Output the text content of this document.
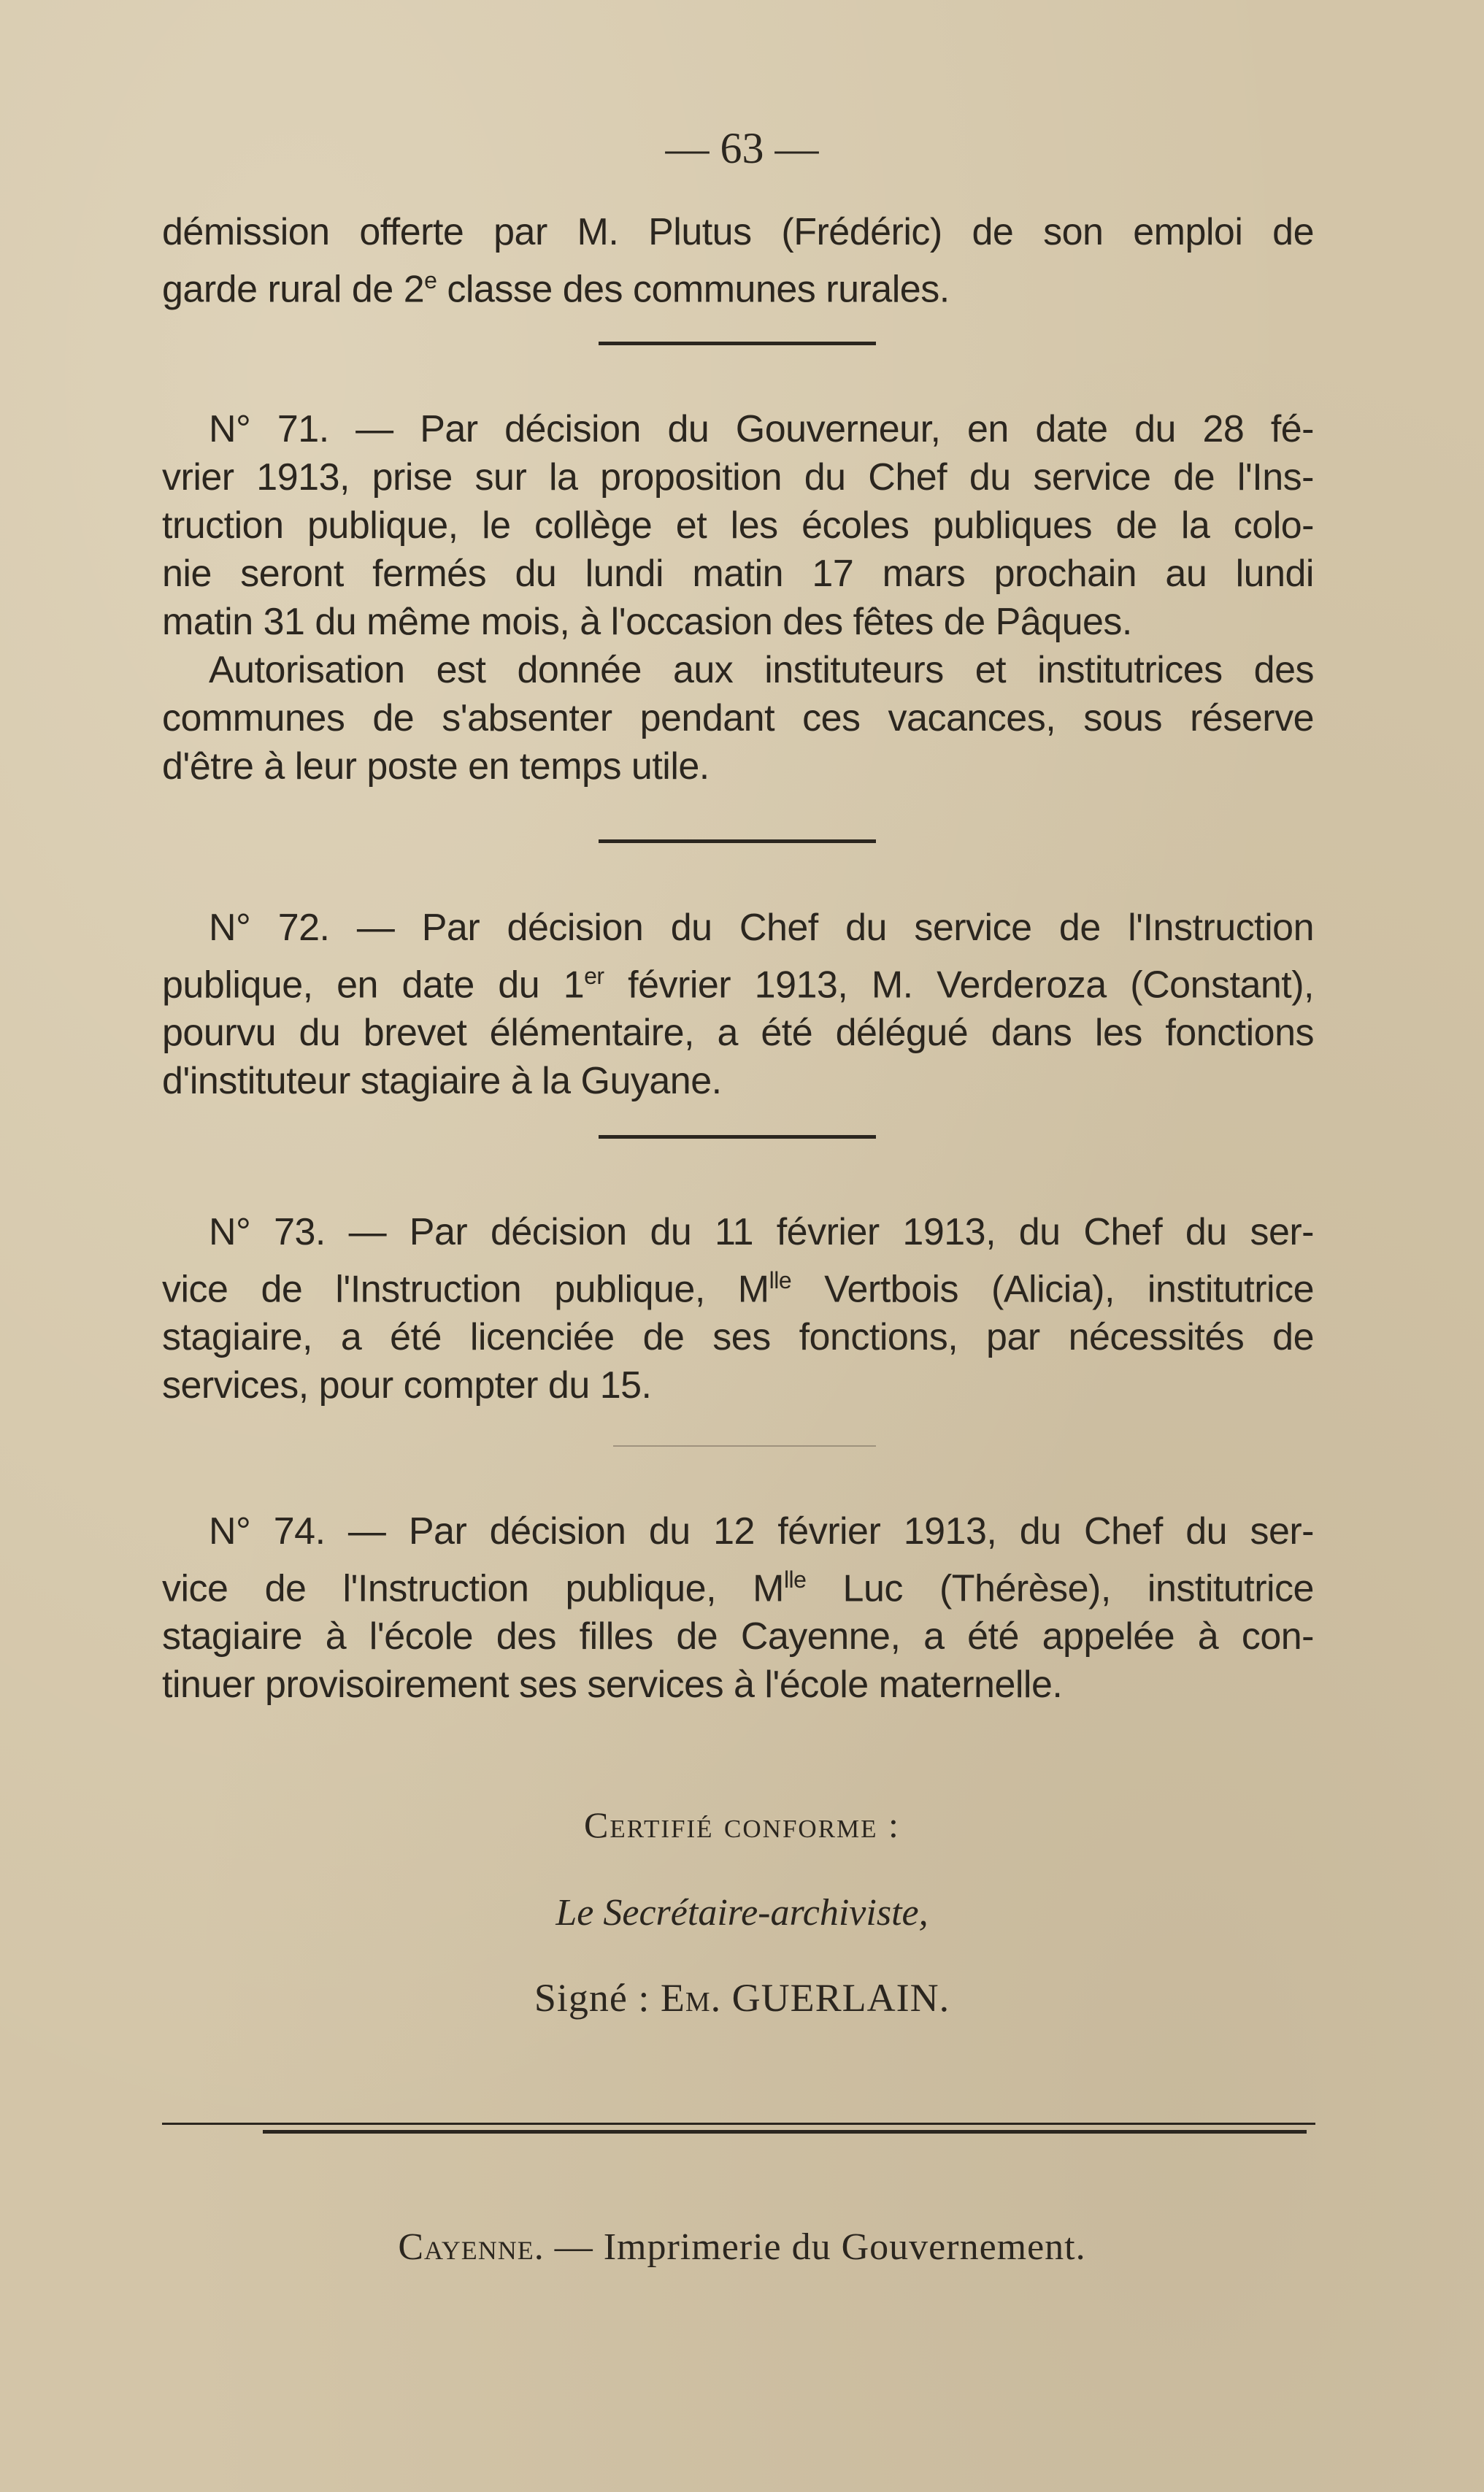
— 63 —

démission offerte par M. Plutus (Frédéric) de son emploi de

garde rural de 2e classe des communes rurales.

N° 71. — Par décision du Gouverneur, en date du 28 fé-

vrier 1913, prise sur la proposition du Chef du service de l'Ins-

truction publique, le collège et les écoles publiques de la colo-

nie seront fermés du lundi matin 17 mars prochain au lundi

matin 31 du même mois, à l'occasion des fêtes de Pâques.

Autorisation est donnée aux instituteurs et institutrices des

communes de s'absenter pendant ces vacances, sous réserve

d'être à leur poste en temps utile.

N° 72. — Par décision du Chef du service de l'Instruction

publique, en date du 1er février 1913, M. Verderoza (Constant),

pourvu du brevet élémentaire, a été délégué dans les fonctions

d'instituteur stagiaire à la Guyane.

N° 73. — Par décision du 11 février 1913, du Chef du ser-

vice de l'Instruction publique, $M^{lle}$ Vertbois (Alicia), institutrice

stagiaire, a été licenciée de ses fonctions, par nécessités de

services, pour compter du 15.

N° 74. — Par décision du 12 février 1913, du Chef du ser-

vice de l'Instruction publique, $M^{lle}$ Luc (Thérèse), institutrice

stagiaire à l'école des filles de Cayenne, a été appelée à con-

tinuer provisoirement ses services à l'école maternelle.

Certifié conforme :
Le Secrétaire-archiviste,
Signé : Em. GUERLAIN.
Cayenne. — Imprimerie du Gouvernement.
